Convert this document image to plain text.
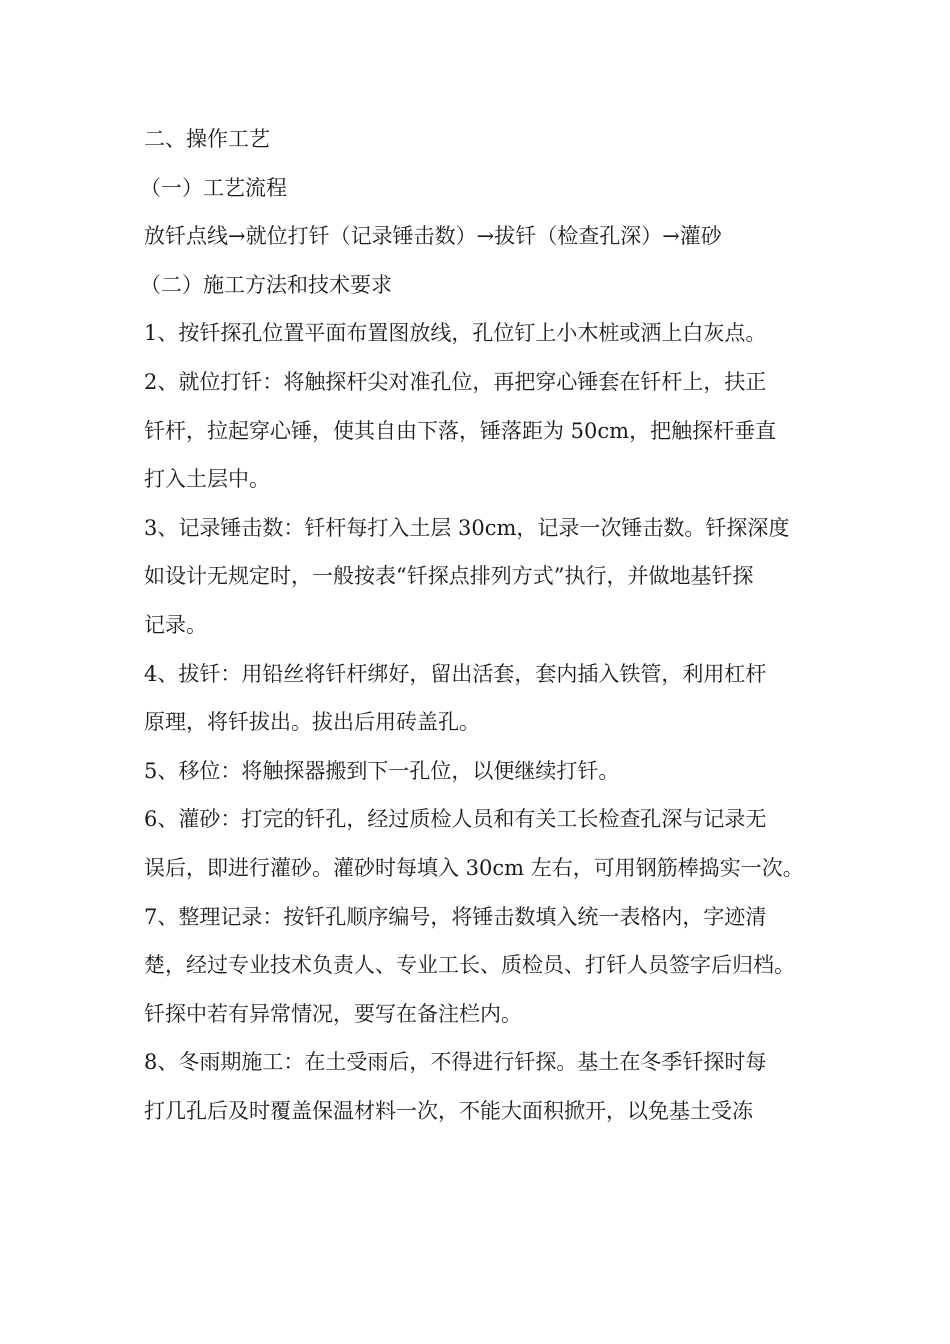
二、操作工艺
（一）工艺流程
放钎点线→就位打钎（记录锤击数）→拔钎（检查孔深）→灌砂
（二）施工方法和技术要求
1、按钎探孔位置平面布置图放线，孔位钉上小木桩或洒上白灰点。
2、就位打钎：将触探杆尖对准孔位，再把穿心锤套在钎杆上，扶正
钎杆，拉起穿心锤，使其自由下落，锤落距为 50cm，把触探杆垂直
打入土层中。
3、记录锤击数：钎杆每打入土层 30cm，记录一次锤击数。钎探深度
如设计无规定时，一般按表“钎探点排列方式”执行，并做地基钎探
记录。
4、拔钎：用铅丝将钎杆绑好，留出活套，套内插入铁管，利用杠杆
原理，将钎拔出。拔出后用砖盖孔。
5、移位：将触探器搬到下一孔位，以便继续打钎。
6、灌砂：打完的钎孔，经过质检人员和有关工长检查孔深与记录无
误后，即进行灌砂。灌砂时每填入 30cm 左右，可用钢筋棒捣实一次。
7、整理记录：按钎孔顺序编号，将锤击数填入统一表格内，字迹清
楚，经过专业技术负责人、专业工长、质检员、打钎人员签字后归档。
钎探中若有异常情况，要写在备注栏内。
8、冬雨期施工：在土受雨后，不得进行钎探。基土在冬季钎探时每
打几孔后及时覆盖保温材料一次，不能大面积掀开，以免基土受冻
